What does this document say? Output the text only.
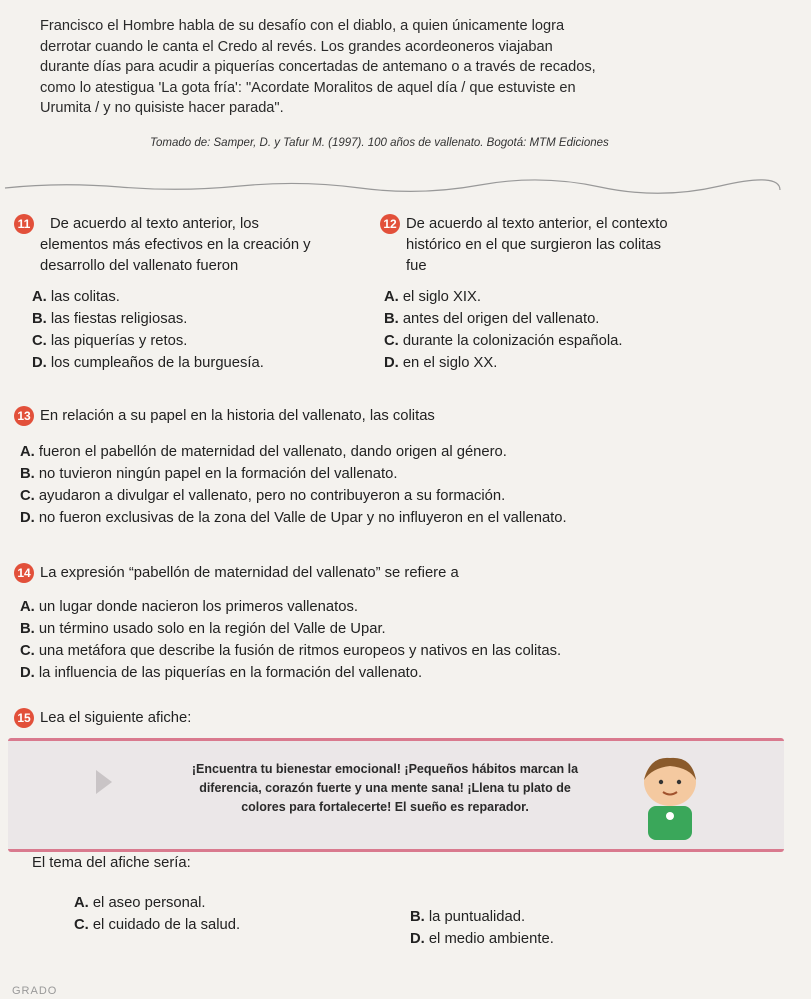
Francisco el Hombre habla de su desafío con el diablo, a quien únicamente logra
derrotar cuando le canta el Credo al revés. Los grandes acordeoneros viajaban
durante días para acudir a piquerías concertadas de antemano o a través de recados,
como lo atestigua 'La gota fría': "Acordate Moralitos de aquel día / que estuviste en
Urumita / y no quisiste hacer parada".
Tomado de: Samper, D. y Tafur M. (1997). 100 años de vallenato. Bogotá: MTM Ediciones
11 De acuerdo al texto anterior, los
elementos más efectivos en la creación y
desarrollo del vallenato fueron
A. las colitas.
B. las fiestas religiosas.
C. las piquerías y retos.
D. los cumpleaños de la burguesía.
12 De acuerdo al texto anterior, el contexto
histórico en el que surgieron las colitas
fue
A. el siglo XIX.
B. antes del origen del vallenato.
C. durante la colonización española.
D. en el siglo XX.
13 En relación a su papel en la historia del vallenato, las colitas
A. fueron el pabellón de maternidad del vallenato, dando origen al género.
B. no tuvieron ningún papel en la formación del vallenato.
C. ayudaron a divulgar el vallenato, pero no contribuyeron a su formación.
D. no fueron exclusivas de la zona del Valle de Upar y no influyeron en el vallenato.
14 La expresión “pabellón de maternidad del vallenato” se refiere a
A. un lugar donde nacieron los primeros vallenatos.
B. un término usado solo en la región del Valle de Upar.
C. una metáfora que describe la fusión de ritmos europeos y nativos en las colitas.
D. la influencia de las piquerías en la formación del vallenato.
15 Lea el siguiente afiche:
¡Encuentra tu bienestar emocional! ¡Pequeños hábitos marcan la
diferencia, corazón fuerte y una mente sana! ¡Llena tu plato de
colores para fortalecerte! El sueño es reparador.
El tema del afiche sería:
A. el aseo personal.
C. el cuidado de la salud.	B. la puntualidad.
D. el medio ambiente.
GRADO
